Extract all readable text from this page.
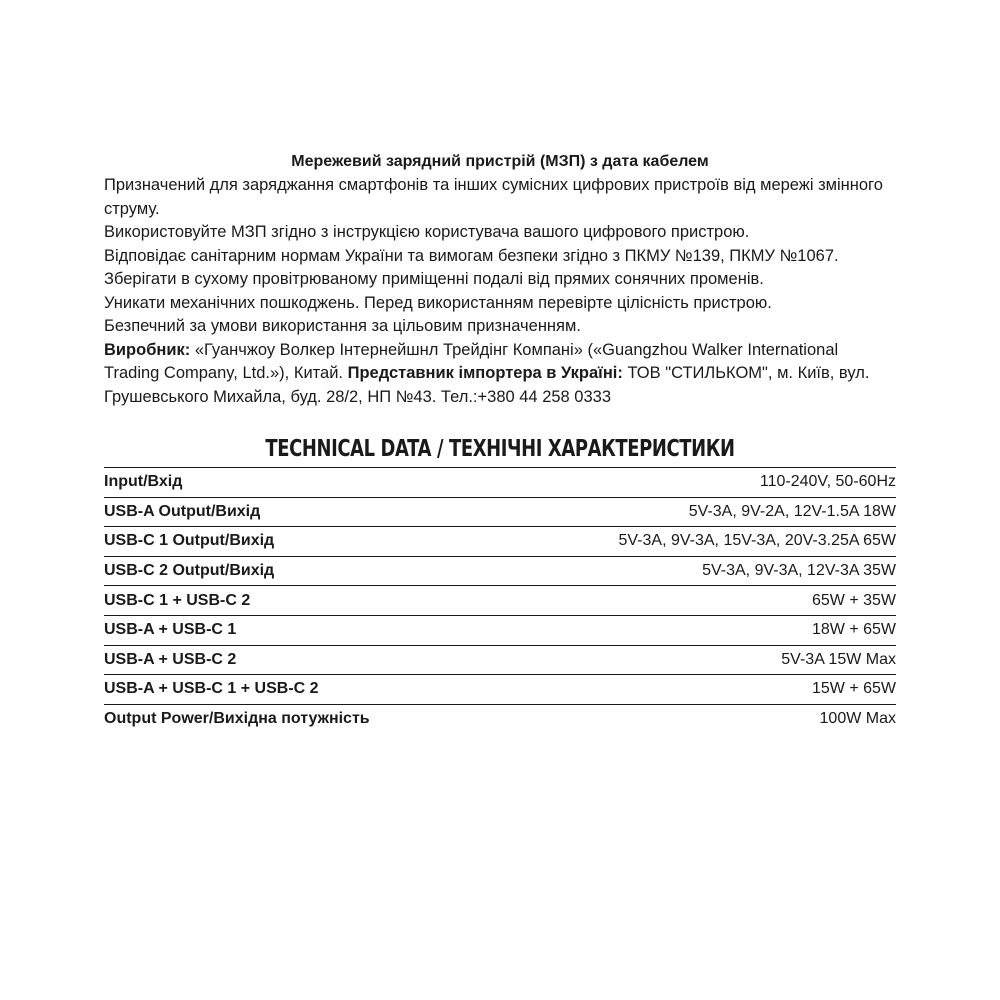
Мережевий зарядний пристрій (МЗП) з дата кабелем

Призначений для заряджання смартфонів та інших сумісних цифрових пристроїв від мережі змінного струму.

Використовуйте МЗП згідно з інструкцією користувача вашого цифрового пристрою.

Відповідає санітарним нормам України та вимогам безпеки згідно з ПКМУ №139, ПКМУ №1067.

Зберігати в сухому провітрюваному приміщенні подалі від прямих сонячних променів.

Уникати механічних пошкоджень. Перед використанням перевірте цілісність пристрою.

Безпечний за умови використання за цільовим призначенням.

Виробник: «Гуанчжоу Волкер Інтернейшнл Трейдінг Компані» («Guangzhou Walker International Trading Company, Ltd.»), Китай. Представник імпортера в Україні: ТОВ "СТИЛЬКОМ", м. Київ, вул. Грушевського Михайла, буд. 28/2, НП №43. Тел.:+380 44 258 0333

TECHNICAL DATA / ТЕХНІЧНІ ХАРАКТЕРИСТИКИ
Input/Вхід	110-240V, 50-60Hz
USB-A Output/Вихід	5V-3A, 9V-2A, 12V-1.5A 18W
USB-C 1 Output/Вихід	5V-3A, 9V-3A, 15V-3A, 20V-3.25A 65W
USB-C 2 Output/Вихід	5V-3A, 9V-3A, 12V-3A 35W
USB-C 1 + USB-C 2	65W + 35W
USB-A + USB-C 1	18W + 65W
USB-A + USB-C 2	5V-3A 15W Max
USB-A + USB-C 1 + USB-C 2	15W + 65W
Output Power/Вихідна потужність	100W Max
